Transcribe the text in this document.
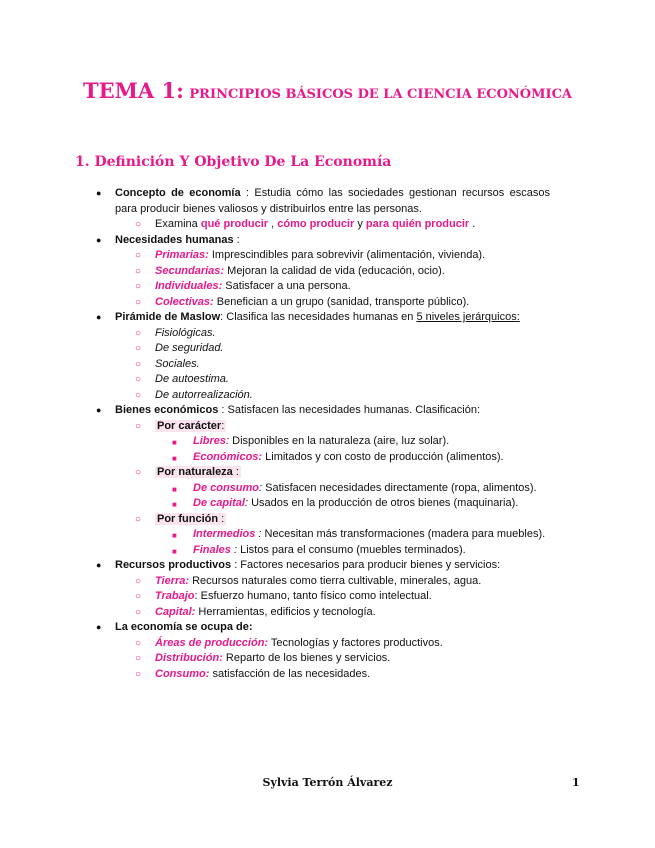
TEMA 1: PRINCIPIOS BÁSICOS DE LA CIENCIA ECONÓMICA
1. Definición Y Objetivo De La Economía
● Concepto de economía : Estudia cómo las sociedades gestionan recursos escasos para producir bienes valiosos y distribuirlos entre las personas.
○ Examina qué producir , cómo producir y para quién producir .
● Necesidades humanas :
○ Primarias: Imprescindibles para sobrevivir (alimentación, vivienda).
○ Secundarias: Mejoran la calidad de vida (educación, ocio).
○ Individuales: Satisfacer a una persona.
○ Colectivas: Benefician a un grupo (sanidad, transporte público).
● Pirámide de Maslow: Clasifica las necesidades humanas en 5 niveles jerárquicos:
○ Fisiológicas.
○ De seguridad.
○ Sociales.
○ De autoestima.
○ De autorrealización.
● Bienes económicos : Satisfacen las necesidades humanas. Clasificación:
○ Por carácter:
■ Libres: Disponibles en la naturaleza (aire, luz solar).
■ Económicos: Limitados y con costo de producción (alimentos).
○ Por naturaleza :
■ De consumo: Satisfacen necesidades directamente (ropa, alimentos).
■ De capital: Usados en la producción de otros bienes (maquinaria).
○ Por función :
■ Intermedios : Necesitan más transformaciones (madera para muebles).
■ Finales : Listos para el consumo (muebles terminados).
● Recursos productivos : Factores necesarios para producir bienes y servicios:
○ Tierra: Recursos naturales como tierra cultivable, minerales, agua.
○ Trabajo: Esfuerzo humano, tanto físico como intelectual.
○ Capital: Herramientas, edificios y tecnología.
● La economía se ocupa de:
○ Áreas de producción: Tecnologías y factores productivos.
○ Distribución: Reparto de los bienes y servicios.
○ Consumo: satisfacción de las necesidades.
Sylvia Terrón Álvarez	1
